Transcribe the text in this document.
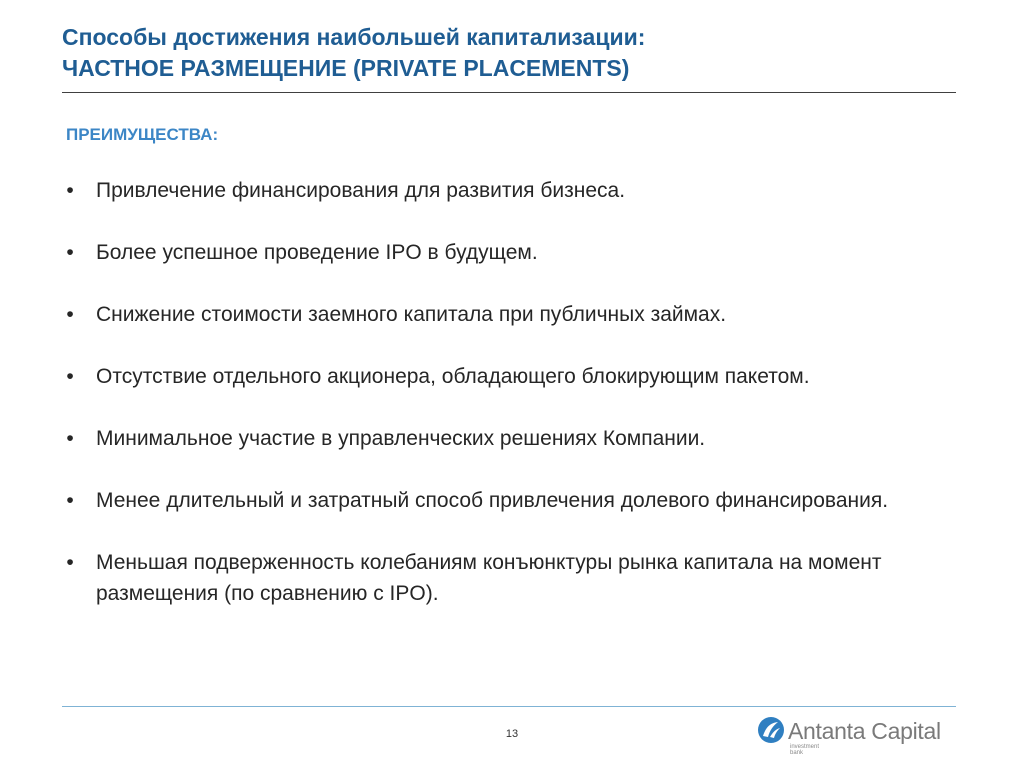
Способы достижения наибольшей капитализации:
ЧАСТНОЕ РАЗМЕЩЕНИЕ (PRIVATE PLACEMENTS)
ПРЕИМУЩЕСТВА:
• Привлечение финансирования для развития бизнеса.
• Более успешное проведение IPO в будущем.
• Снижение стоимости заемного капитала при публичных займах.
• Отсутствие отдельного акционера, обладающего блокирующим пакетом.
• Минимальное участие в управленческих решениях Компании.
• Менее длительный и затратный способ привлечения долевого финансирования.
• Меньшая подверженность колебаниям конъюнктуры рынка капитала на момент размещения (по сравнению с IPO).
13	Antanta Capital
investment
bank
